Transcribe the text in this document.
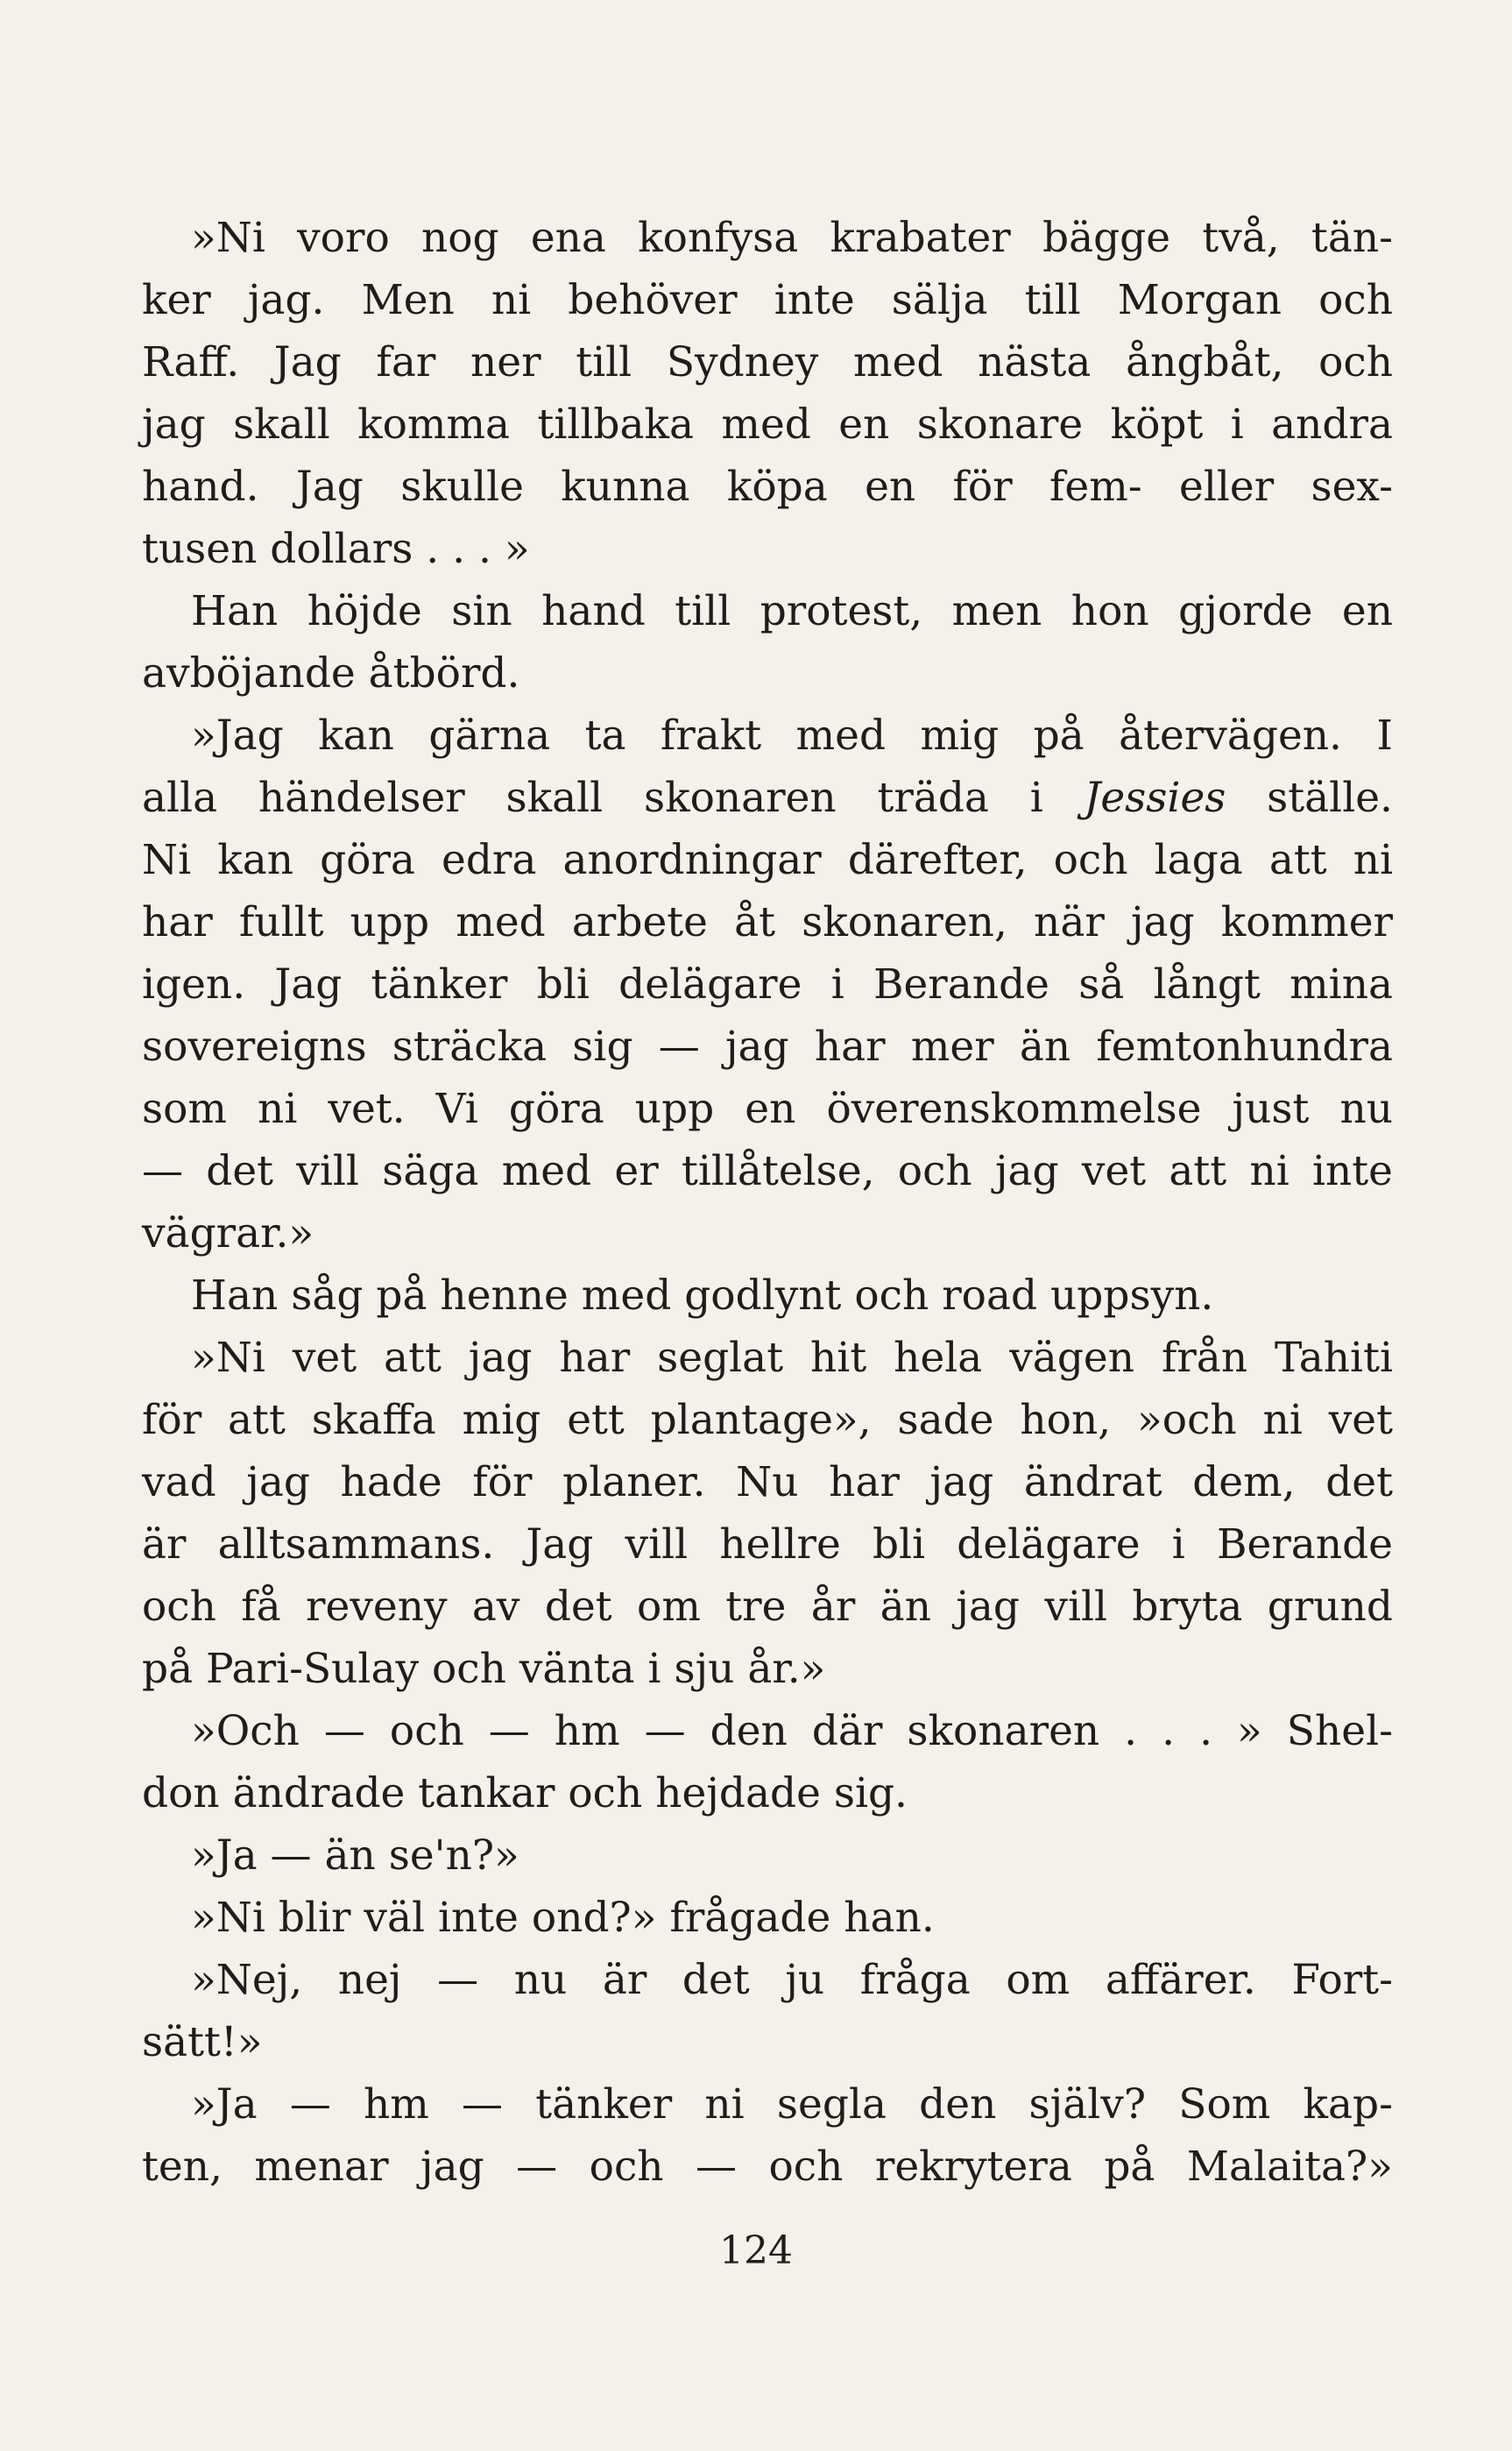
»Ni voro nog ena konfysa krabater bägge två, tän-
ker jag. Men ni behöver inte sälja till Morgan och
Raff. Jag far ner till Sydney med nästa ångbåt, och
jag skall komma tillbaka med en skonare köpt i andra
hand. Jag skulle kunna köpa en för fem- eller sex-
tusen dollars . . . »
Han höjde sin hand till protest, men hon gjorde en
avböjande åtbörd.
»Jag kan gärna ta frakt med mig på återvägen. I
alla händelser skall skonaren träda i Jessies ställe.
Ni kan göra edra anordningar därefter, och laga att ni
har fullt upp med arbete åt skonaren, när jag kommer
igen. Jag tänker bli delägare i Berande så långt mina
sovereigns sträcka sig — jag har mer än femtonhundra
som ni vet. Vi göra upp en överenskommelse just nu
— det vill säga med er tillåtelse, och jag vet att ni inte
vägrar.»
Han såg på henne med godlynt och road uppsyn.
»Ni vet att jag har seglat hit hela vägen från Tahiti
för att skaffa mig ett plantage», sade hon, »och ni vet
vad jag hade för planer. Nu har jag ändrat dem, det
är alltsammans. Jag vill hellre bli delägare i Berande
och få reveny av det om tre år än jag vill bryta grund
på Pari-Sulay och vänta i sju år.»
»Och — och — hm — den där skonaren . . . » Shel-
don ändrade tankar och hejdade sig.
»Ja — än se'n?»
»Ni blir väl inte ond?» frågade han.
»Nej, nej — nu är det ju fråga om affärer. Fort-
sätt!»
»Ja — hm — tänker ni segla den själv? Som kap-
ten, menar jag — och — och rekrytera på Malaita?»
124
